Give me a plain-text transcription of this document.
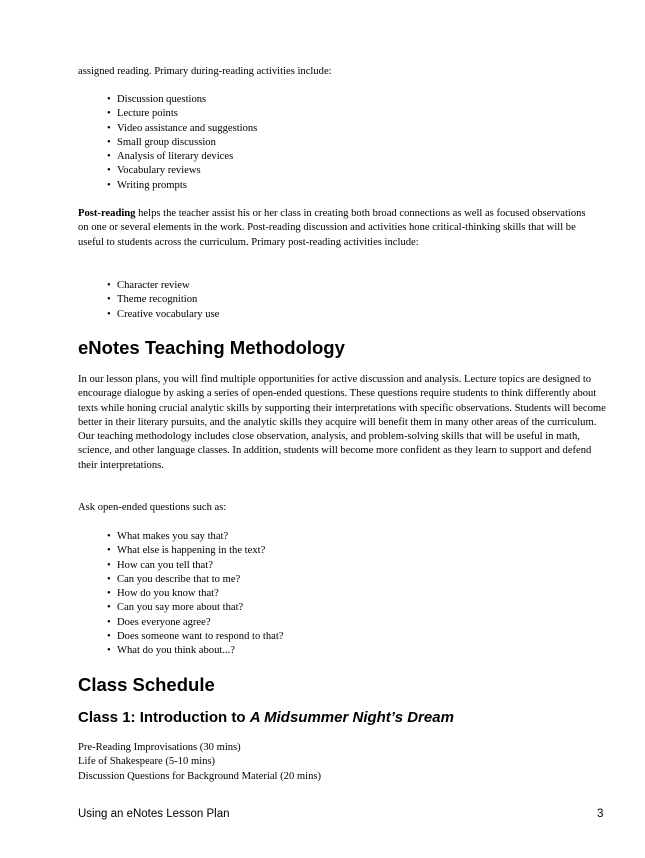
assigned reading. Primary during-reading activities include:
• Discussion questions
• Lecture points
• Video assistance and suggestions
• Small group discussion
• Analysis of literary devices
• Vocabulary reviews
• Writing prompts

Post-reading helps the teacher assist his or her class in creating both broad connections as well as focused observations on one or several elements in the work. Post-reading discussion and activities hone critical-thinking skills that will be useful to students across the curriculum. Primary post-reading activities include:

• Character review
• Theme recognition
• Creative vocabulary use
eNotes Teaching Methodology

In our lesson plans, you will find multiple opportunities for active discussion and analysis. Lecture topics are designed to encourage dialogue by asking a series of open-ended questions. These questions require students to think differently about texts while honing crucial analytic skills by supporting their interpretations with specific observations. Students will become better in their literary pursuits, and the analytic skills they acquire will benefit them in many other areas of the curriculum. Our teaching methodology includes close observation, analysis, and problem-solving skills that will be useful in math, science, and other language classes. In addition, students will become more confident as they learn to support and defend their interpretations.

Ask open-ended questions such as:
• What makes you say that?
• What else is happening in the text?
• How can you tell that?
• Can you describe that to me?
• How do you know that?
• Can you say more about that?
• Does everyone agree?
• Does someone want to respond to that?
• What do you think about...?
Class Schedule
Class 1: Introduction to A Midsummer Night’s Dream
Pre-Reading Improvisations (30 mins)
Life of Shakespeare (5-10 mins)
Discussion Questions for Background Material (20 mins)
Using an eNotes Lesson Plan	3
